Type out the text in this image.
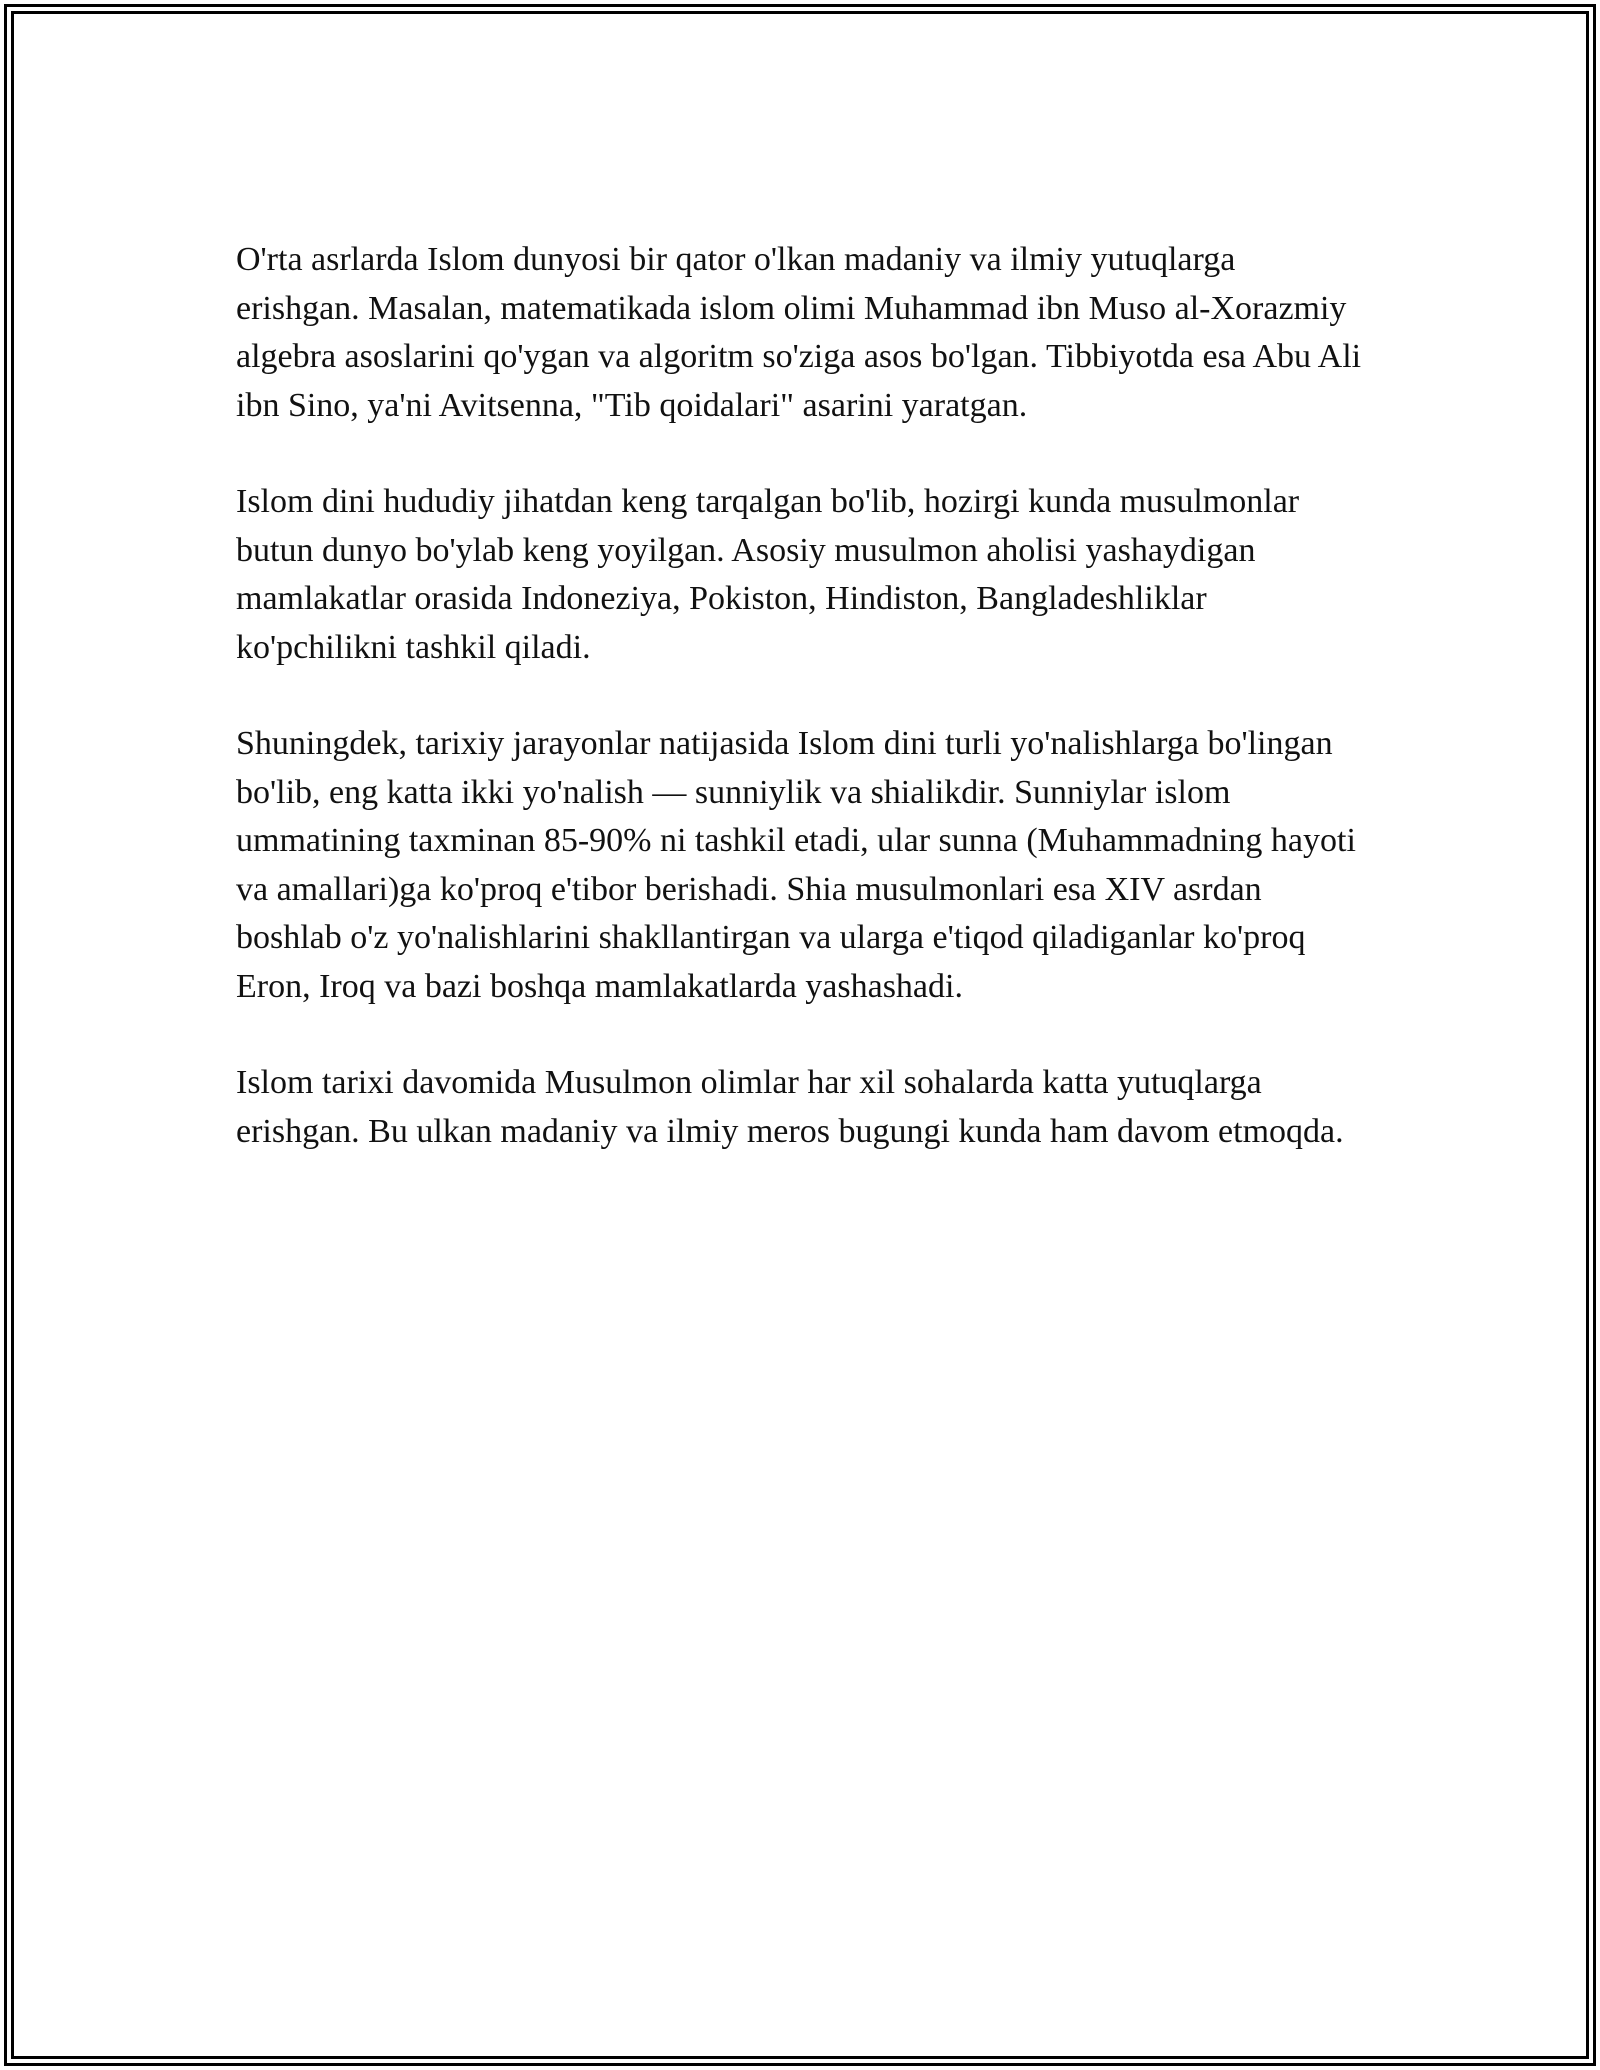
O'rta asrlarda Islom dunyosi bir qator o'lkan madaniy va ilmiy yutuqlarga erishgan. Masalan, matematikada islom olimi Muhammad ibn Muso al-Xorazmiy algebra asoslarini qo'ygan va algoritm so'ziga asos bo'lgan. Tibbiyotda esa Abu Ali ibn Sino, ya'ni Avitsenna, "Tib qoidalari" asarini yaratgan.

Islom dini hududiy jihatdan keng tarqalgan bo'lib, hozirgi kunda musulmonlar butun dunyo bo'ylab keng yoyilgan. Asosiy musulmon aholisi yashaydigan mamlakatlar orasida Indoneziya, Pokiston, Hindiston, Bangladeshliklar ko'pchilikni tashkil qiladi.

Shuningdek, tarixiy jarayonlar natijasida Islom dini turli yo'nalishlarga bo'lingan bo'lib, eng katta ikki yo'nalish — sunniylik va shialikdir. Sunniylar islom ummatining taxminan 85-90% ni tashkil etadi, ular sunna (Muhammadning hayoti va amallari)ga ko'proq e'tibor berishadi. Shia musulmonlari esa XIV asrdan boshlab o'z yo'nalishlarini shakllantirgan va ularga e'tiqod qiladiganlar ko'proq Eron, Iroq va bazi boshqa mamlakatlarda yashashadi.

Islom tarixi davomida Musulmon olimlar har xil sohalarda katta yutuqlarga erishgan. Bu ulkan madaniy va ilmiy meros bugungi kunda ham davom etmoqda.
